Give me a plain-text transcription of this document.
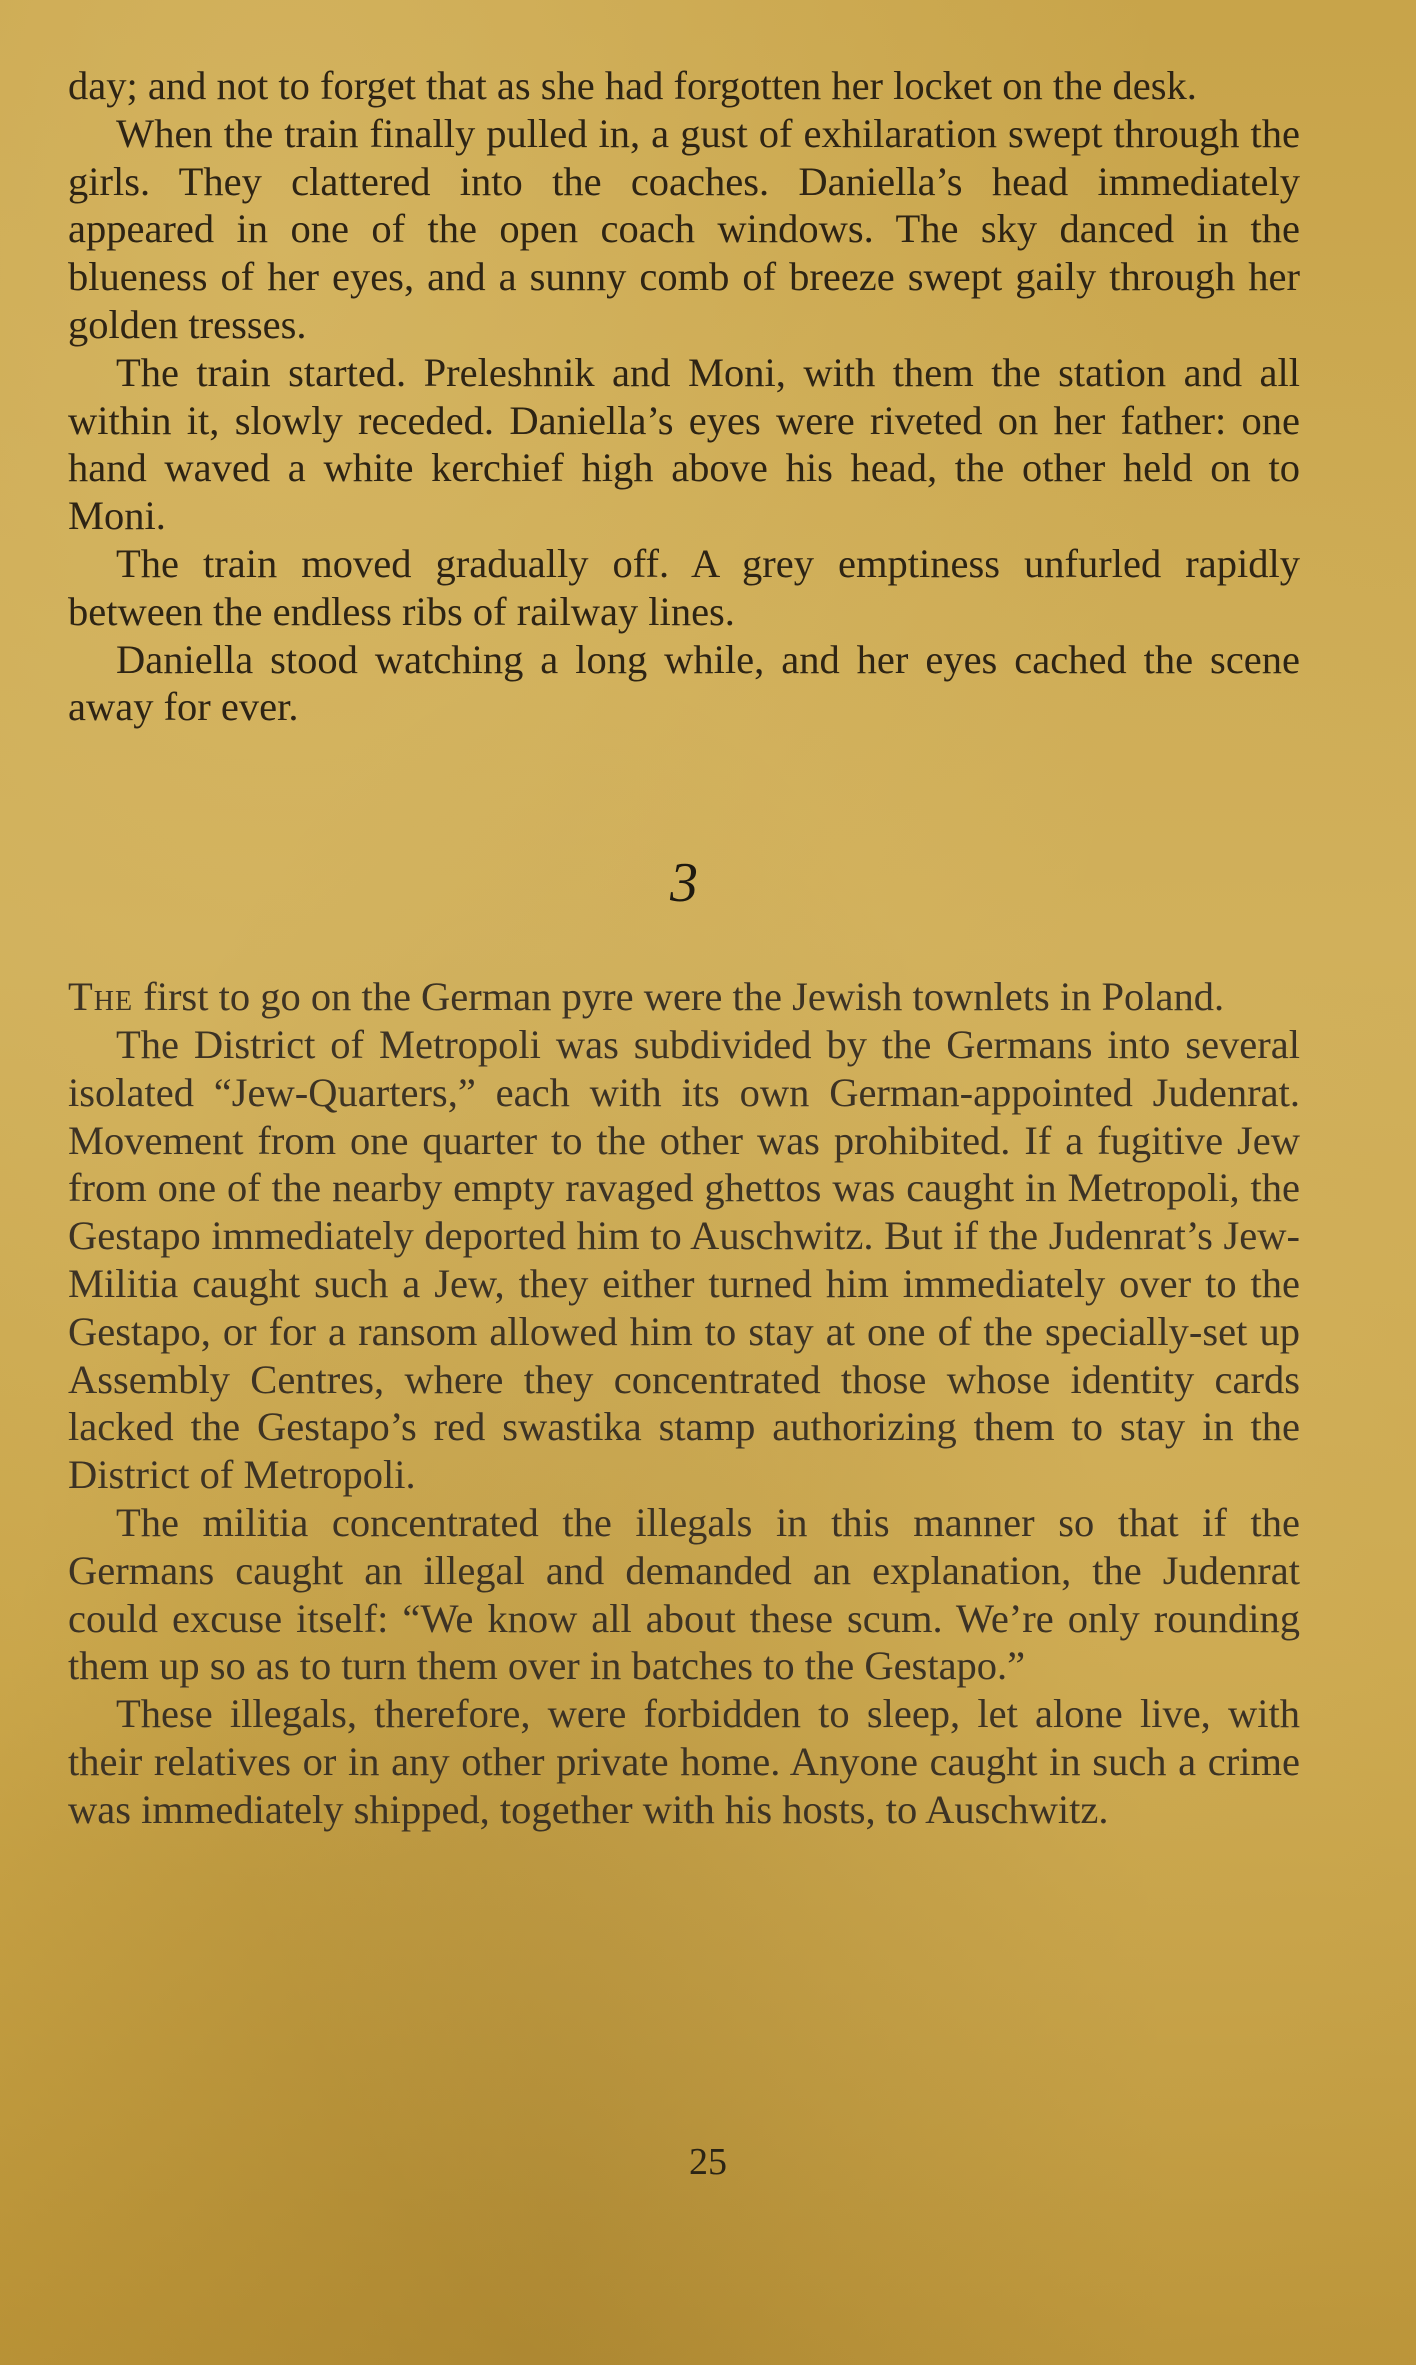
day; and not to forget that as she had forgotten her locket on the desk.

When the train finally pulled in, a gust of exhilaration swept through the girls. They clattered into the coaches. Daniella’s head immediately appeared in one of the open coach windows. The sky danced in the blueness of her eyes, and a sunny comb of breeze swept gaily through her golden tresses.

The train started. Preleshnik and Moni, with them the station and all within it, slowly receded. Daniella’s eyes were riveted on her father: one hand waved a white kerchief high above his head, the other held on to Moni.

The train moved gradually off. A grey emptiness unfurled rapidly between the endless ribs of railway lines.

Daniella stood watching a long while, and her eyes cached the scene away for ever.

3

The first to go on the German pyre were the Jewish townlets in Poland.

The District of Metropoli was subdivided by the Germans into several isolated “Jew-Quarters,” each with its own German-appointed Judenrat. Movement from one quarter to the other was prohibited. If a fugitive Jew from one of the nearby empty ravaged ghettos was caught in Metropoli, the Gestapo immediately deported him to Auschwitz. But if the Judenrat’s Jew-Militia caught such a Jew, they either turned him immediately over to the Gestapo, or for a ransom allowed him to stay at one of the specially-set up Assembly Centres, where they concentrated those whose identity cards lacked the Gestapo’s red swastika stamp authorizing them to stay in the District of Metropoli.

The militia concentrated the illegals in this manner so that if the Germans caught an illegal and demanded an explanation, the Judenrat could excuse itself: “We know all about these scum. We’re only rounding them up so as to turn them over in batches to the Gestapo.”

These illegals, therefore, were forbidden to sleep, let alone live, with their relatives or in any other private home. Anyone caught in such a crime was immediately shipped, together with his hosts, to Auschwitz.

25
